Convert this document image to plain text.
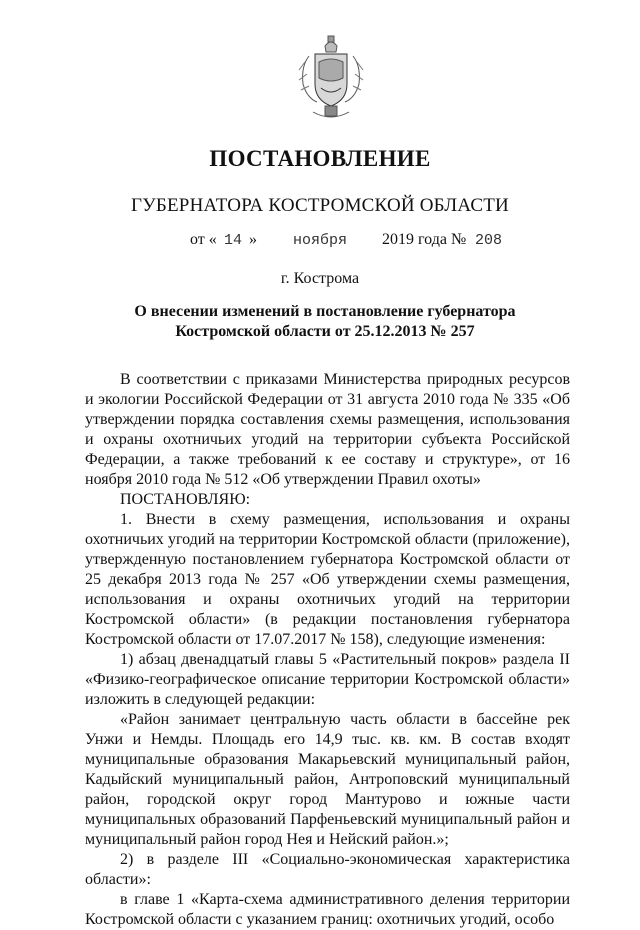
ПОСТАНОВЛЕНИЕ
ГУБЕРНАТОРА КОСТРОМСКОЙ ОБЛАСТИ
от « 14 » ноября 2019 года № 208
г. Кострома
О внесении изменений в постановление губернатора
Костромской области от 25.12.2013 № 257

В соответствии с приказами Министерства природных ресурсов и экологии Российской Федерации от 31 августа 2010 года № 335 «Об утверждении порядка составления схемы размещения, использования и охраны охотничьих угодий на территории субъекта Российской Федерации, а также требований к ее составу и структуре», от 16 ноября 2010 года № 512 «Об утверждении Правил охоты»

ПОСТАНОВЛЯЮ:

1. Внести в схему размещения, использования и охраны охотничьих угодий на территории Костромской области (приложение), утвержденную постановлением губернатора Костромской области от 25 декабря 2013 года № 257 «Об утверждении схемы размещения, использования и охраны охотничьих угодий на территории Костромской области» (в редакции постановления губернатора Костромской области от 17.07.2017 № 158), следующие изменения:

1) абзац двенадцатый главы 5 «Растительный покров» раздела II «Физико-географическое описание территории Костромской области» изложить в следующей редакции:

«Район занимает центральную часть области в бассейне рек Унжи и Немды. Площадь его 14,9 тыс. кв. км. В состав входят муниципальные образования Макарьевский муниципальный район, Кадыйский муниципальный район, Антроповский муниципальный район, городской округ город Мантурово и южные части муниципальных образований Парфеньевский муниципальный район и муниципальный район город Нея и Нейский район.»;

2) в разделе III «Социально-экономическая характеристика области»:

в главе 1 «Карта-схема административного деления территории Костромской области с указанием границ: охотничьих угодий, особо
